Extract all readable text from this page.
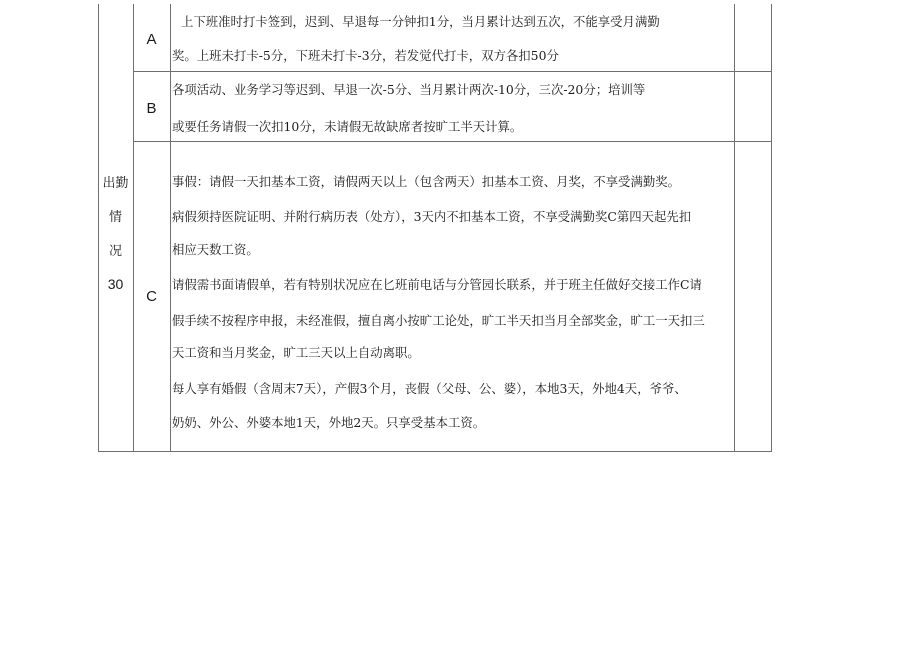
出勤
情
况
30
A
上下班准时打卡签到，迟到、早退每一分钟扣1分，当月累计达到五次，不能享受月满勤
奖。上班未打卡-5分，下班未打卡-3分，若发觉代打卡，双方各扣50分
B
各项活动、业务学习等迟到、早退一次-5分、当月累计两次-10分，三次-20分；培训等
或要任务请假一次扣10分，未请假无故缺席者按旷工半天计算。
C
事假：请假一天扣基本工资，请假两天以上（包含两天）扣基本工资、月奖，不享受满勤奖。
病假须持医院证明、并附行病历表（处方），3天内不扣基本工资，不享受满勤奖C第四天起先扣
相应天数工资。
请假需书面请假单，若有特别状况应在匕班前电话与分管园长联系，并于班主任做好交接工作C请
假手续不按程序申报，未经准假，擅自离小按旷工论处，旷工半天扣当月全部奖金，旷工一天扣三
天工资和当月奖金，旷工三天以上自动离职。
每人享有婚假（含周末7天），产假3个月，丧假（父母、公、婆），本地3天，外地4天，爷爷、
奶奶、外公、外婆本地1天，外地2天。只享受基本工资。
